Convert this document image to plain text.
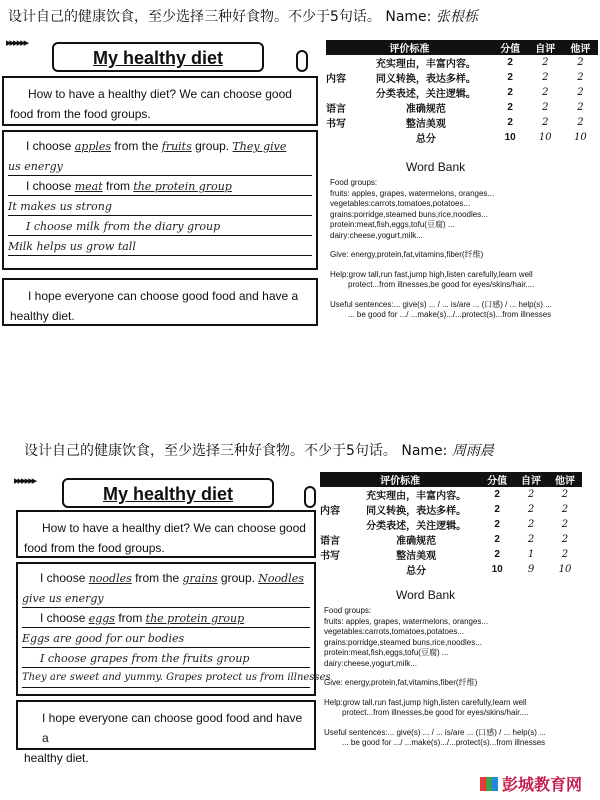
设计自己的健康饮食，至少选择三种好食物。不少于5句话。 Name: 张根栎
▸▸▸▸▸▸
My healthy diet
How to have a healthy diet? We can choose good
food from the food groups.
I choose apples from the fruits group. They give
us energy
I choose meat from the protein group
It makes us strong
I choose milk from the diary group
Milk helps us grow tall
I hope everyone can choose good food and have a
healthy diet.
评价标准		分值	自评	他评
	充实理由，丰富内容。	2	2	2
内容	同义转换，表达多样。	2	2	2
	分类表述，关注逻辑。	2	2	2
语言	准确规范	2	2	2
书写	整洁美观	2	2	2
	总分	10	10	10
Word Bank
Food groups:
fruits: apples, grapes, watermelons, oranges...
vegetables:carrots,tomatoes,potatoes...
grains:porridge,steamed buns,rice,noodles...
protein:meat,fish,eggs,tofu(豆腐) ...
dairy:cheese,yogurt,milk...
Give: energy,protein,fat,vitamins,fiber(纤维)
Help:grow tall,run fast,jump high,listen carefully,learn well
protect...from illnesses,be good for eyes/skins/hair....
Useful sentences:... give(s) ... / ... is/are ... (口感) / ... help(s) ...
... be good for .../ ...make(s).../...protect(s)...from illnesses
设计自己的健康饮食，至少选择三种好食物。不少于5句话。 Name: 周雨晨
▸▸▸▸▸▸
My healthy diet
How to have a healthy diet? We can choose good
food from the food groups.
I choose noodles from the grains group. Noodles
give us energy
I choose eggs from the protein group
Eggs are good for our bodies
I choose grapes from the fruits group
They are sweet and yummy. Grapes protect us from illnesses
I hope everyone can choose good food and have a
healthy diet.
评价标准		分值	自评	他评
	充实理由，丰富内容。	2	2	2
内容	同义转换，表达多样。	2	2	2
	分类表述，关注逻辑。	2	2	2
语言	准确规范	2	2	2
书写	整洁美观	2	1	2
	总分	10	9	10
Word Bank
Food groups:
fruits: apples, grapes, watermelons, oranges...
vegetables:carrots,tomatoes,potatoes...
grains:porridge,steamed buns,rice,noodles...
protein:meat,fish,eggs,tofu(豆腐) ...
dairy:cheese,yogurt,milk...
Give: energy,protein,fat,vitamins,fiber(纤维)
Help:grow tall,run fast,jump high,listen carefully,learn well
protect...from illnesses,be good for eyes/skins/hair....
Useful sentences:... give(s) ... / ... is/are ... (口感) / ... help(s) ...
... be good for .../ ...make(s).../...protect(s)...from illnesses
彭城教育网
